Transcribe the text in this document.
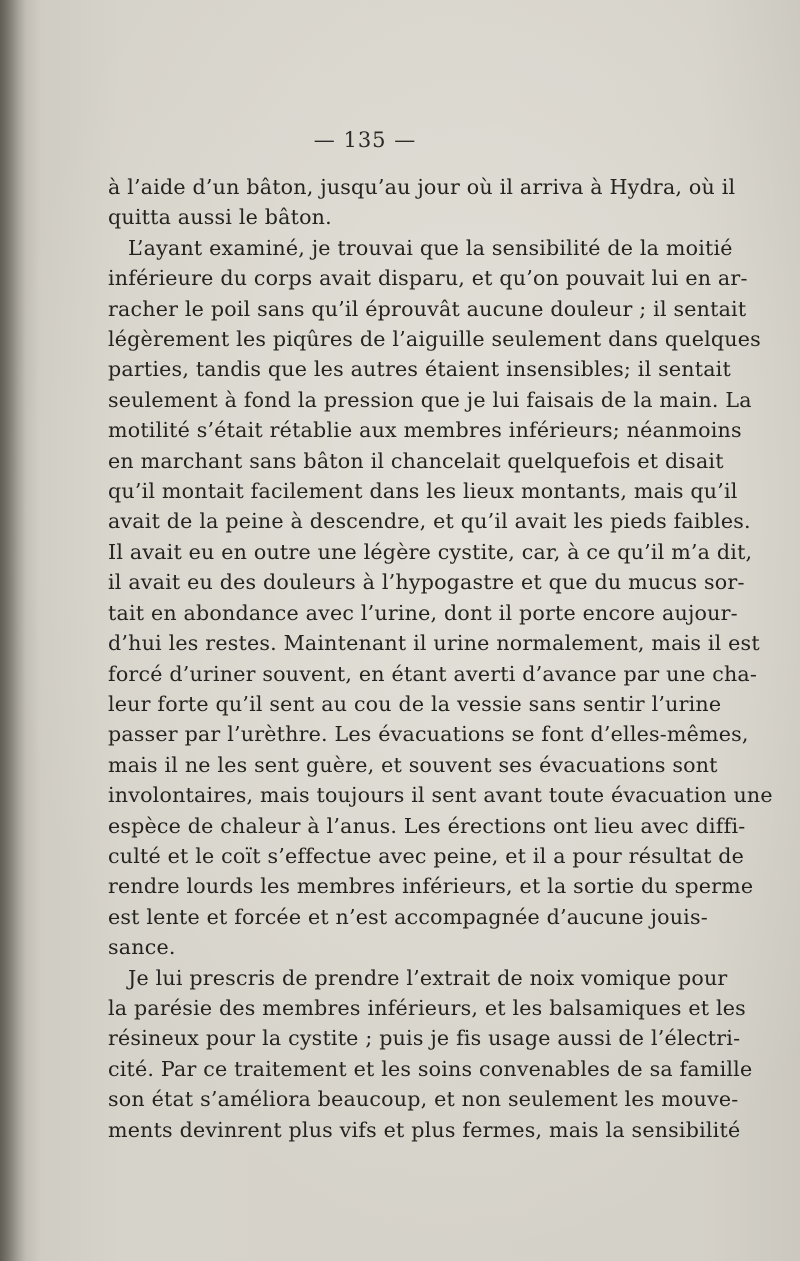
— 135 —
à l’aide d’un bâton, jusqu’au jour où il arriva à Hydra, où il
quitta aussi le bâton.
L’ayant examiné, je trouvai que la sensibilité de la moitié
inférieure du corps avait disparu, et qu’on pouvait lui en ar-
racher le poil sans qu’il éprouvât aucune douleur ; il sentait
légèrement les piqûres de l’aiguille seulement dans quelques
parties, tandis que les autres étaient insensibles; il sentait
seulement à fond la pression que je lui faisais de la main. La
motilité s’était rétablie aux membres inférieurs; néanmoins
en marchant sans bâton il chancelait quelquefois et disait
qu’il montait facilement dans les lieux montants, mais qu’il
avait de la peine à descendre, et qu’il avait les pieds faibles.
Il avait eu en outre une légère cystite, car, à ce qu’il m’a dit,
il avait eu des douleurs à l’hypogastre et que du mucus sor-
tait en abondance avec l’urine, dont il porte encore aujour-
d’hui les restes. Maintenant il urine normalement, mais il est
forcé d’uriner souvent, en étant averti d’avance par une cha-
leur forte qu’il sent au cou de la vessie sans sentir l’urine
passer par l’urèthre. Les évacuations se font d’elles-mêmes,
mais il ne les sent guère, et souvent ses évacuations sont
involontaires, mais toujours il sent avant toute évacuation une
espèce de chaleur à l’anus. Les érections ont lieu avec diffi-
culté et le coït s’effectue avec peine, et il a pour résultat de
rendre lourds les membres inférieurs, et la sortie du sperme
est lente et forcée et n’est accompagnée d’aucune jouis-
sance.
Je lui prescris de prendre l’extrait de noix vomique pour
la parésie des membres inférieurs, et les balsamiques et les
résineux pour la cystite ; puis je fis usage aussi de l’électri-
cité. Par ce traitement et les soins convenables de sa famille
son état s’améliora beaucoup, et non seulement les mouve-
ments devinrent plus vifs et plus fermes, mais la sensibilité
